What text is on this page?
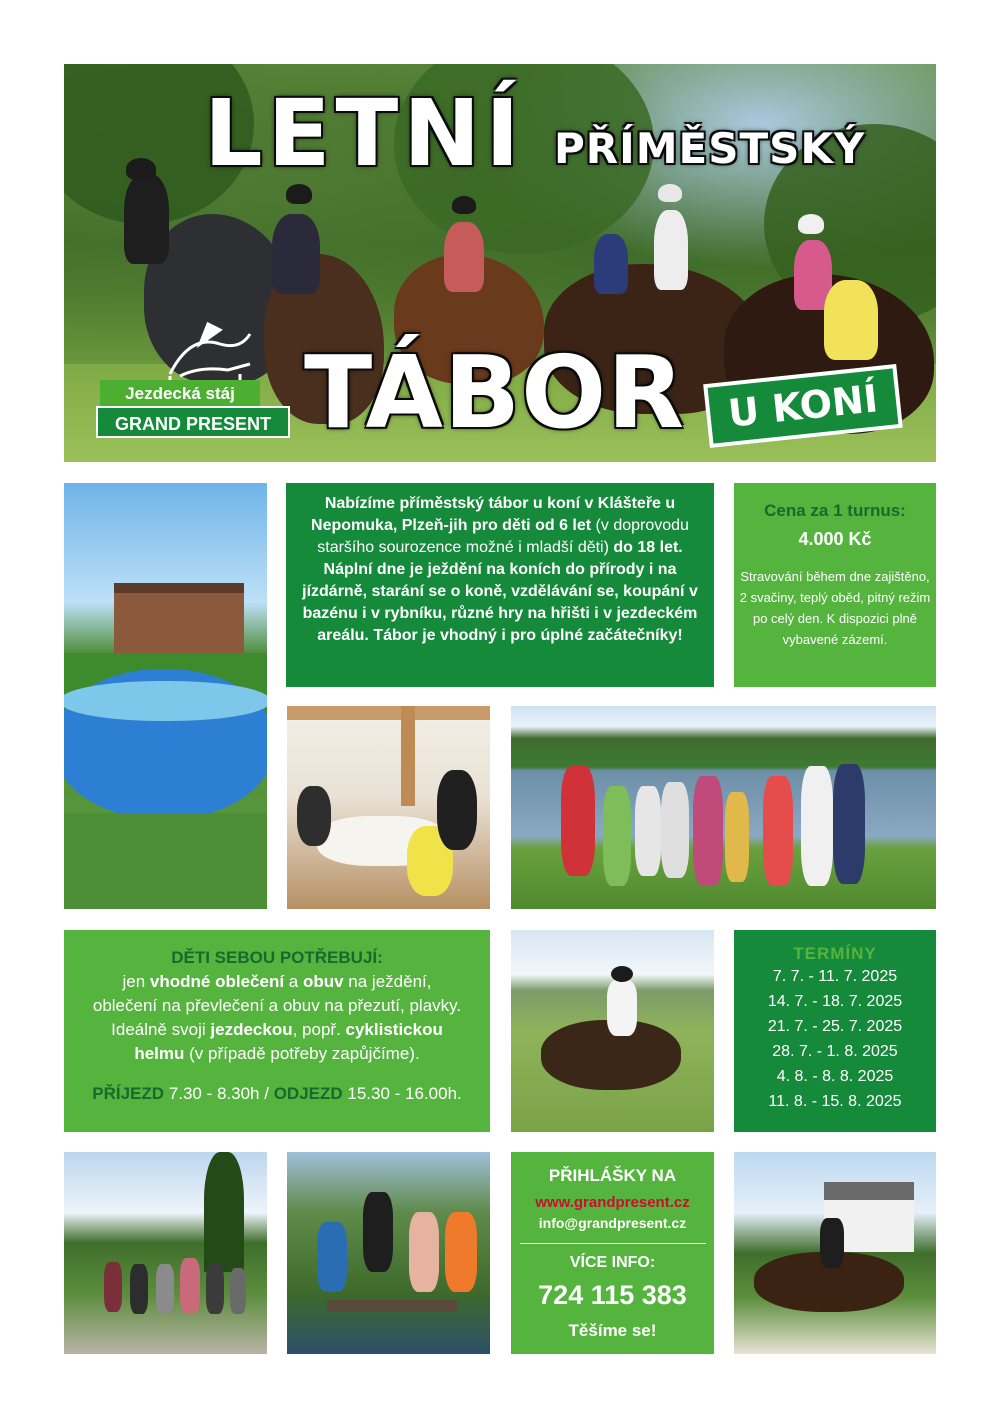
LETNÍ PŘÍMĚSTSKÝ
TÁBOR	U KONÍ
Jezdecká stáj
GRAND PRESENT
Nabízíme příměstský tábor u koní v Klášteře u Nepomuka, Plzeň-jih pro děti od 6 let (v doprovodu staršího sourozence možné i mladší děti) do 18 let. Náplní dne je ježdění na koních do přírody i na jízdárně, starání se o koně, vzdělávání se, koupání v bazénu i v rybníku, různé hry na hřišti i v jezdeckém areálu. Tábor je vhodný i pro úplné začátečníky!
Cena za 1 turnus:
4.000 Kč
Stravování během dne zajištěno, 2 svačiny, teplý oběd, pitný režim po celý den. K dispozici plně vybavené zázemí.
DĚTI SEBOU POTŘEBUJÍ:
jen vhodné oblečení a obuv na ježdění,
oblečení na převlečení a obuv na přezutí, plavky.
Ideálně svoji jezdeckou, popř. cyklistickou
helmu (v případě potřeby zapůjčíme).
PŘÍJEZD 7.30 - 8.30h / ODJEZD 15.30 - 16.00h.
TERMÍNY
7. 7. - 11. 7. 2025
14. 7. - 18. 7. 2025
21. 7. - 25. 7. 2025
28. 7. - 1. 8. 2025
4. 8. - 8. 8. 2025
11. 8. - 15. 8. 2025
PŘIHLÁŠKY NA
www.grandpresent.cz
info@grandpresent.cz
VÍCE INFO:
724 115 383
Těšíme se!
